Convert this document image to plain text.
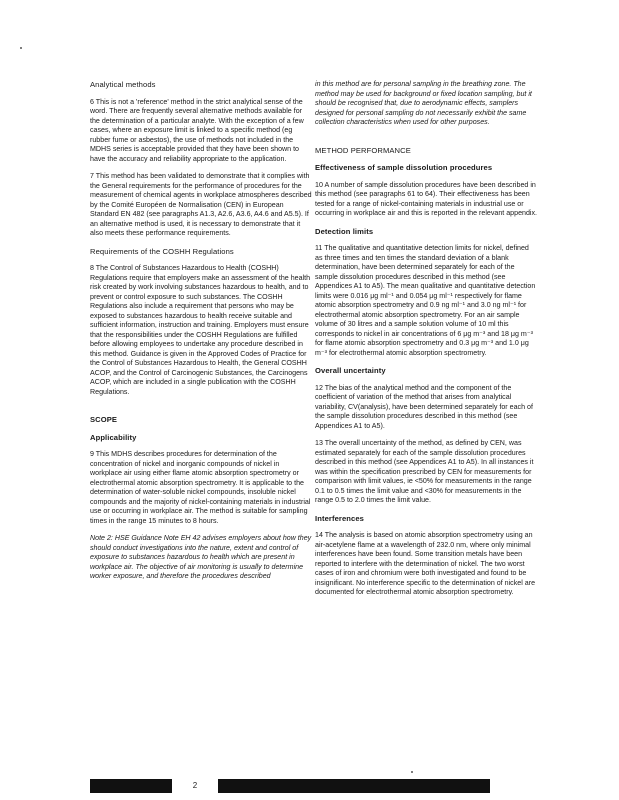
Analytical methods

6 This is not a 'reference' method in the strict analytical sense of the word. There are frequently several alternative methods available for the determination of a particular analyte. With the exception of a few cases, where an exposure limit is linked to a specific method (eg rubber fume or asbestos), the use of methods not included in the MDHS series is acceptable provided that they have been shown to have the accuracy and reliability appropriate to the application.

7 This method has been validated to demonstrate that it complies with the General requirements for the performance of procedures for the measurement of chemical agents in workplace atmospheres described by the Comité Européen de Normalisation (CEN) in European Standard EN 482 (see paragraphs A1.3, A2.6, A3.6, A4.6 and A5.5). If an alternative method is used, it is necessary to demonstrate that it also meets these performance requirements.

Requirements of the COSHH Regulations

8 The Control of Substances Hazardous to Health (COSHH) Regulations require that employers make an assessment of the health risk created by work involving substances hazardous to health, and to prevent or control exposure to such substances. The COSHH Regulations also include a requirement that persons who may be exposed to substances hazardous to health receive suitable and sufficient information, instruction and training. Employers must ensure that the responsibilities under the COSHH Regulations are fulfilled before allowing employees to undertake any procedure described in this method. Guidance is given in the Approved Codes of Practice for the Control of Substances Hazardous to Health, the General COSHH ACOP, and the Control of Carcinogenic Substances, the Carcinogens ACOP, which are included in a single publication with the COSHH Regulations.

SCOPE
Applicability

9 This MDHS describes procedures for determination of the concentration of nickel and inorganic compounds of nickel in workplace air using either flame atomic absorption spectrometry or electrothermal atomic absorption spectrometry. It is applicable to the determination of water-soluble nickel compounds, insoluble nickel compounds and the majority of nickel-containing materials in industrial use or occurring in workplace air. The method is suitable for sampling times in the range 15 minutes to 8 hours.

Note 2: HSE Guidance Note EH 42 advises employers about how they should conduct investigations into the nature, extent and control of exposure to substances hazardous to health which are present in workplace air. The objective of air monitoring is usually to determine worker exposure, and therefore the procedures described

in this method are for personal sampling in the breathing zone. The method may be used for background or fixed location sampling, but it should be recognised that, due to aerodynamic effects, samplers designed for personal sampling do not necessarily exhibit the same collection characteristics when used for other purposes.

METHOD PERFORMANCE
Effectiveness of sample dissolution procedures

10 A number of sample dissolution procedures have been described in this method (see paragraphs 61 to 64). Their effectiveness has been tested for a range of nickel-containing materials in industrial use or occurring in workplace air and this is reported in the relevant appendix.

Detection limits

11 The qualitative and quantitative detection limits for nickel, defined as three times and ten times the standard deviation of a blank determination, have been determined separately for each of the sample dissolution procedures described in this method (see Appendices A1 to A5). The mean qualitative and quantitative detection limits were 0.016 μg ml⁻¹ and 0.054 μg ml⁻¹ respectively for flame atomic absorption spectrometry and 0.9 ng ml⁻¹ and 3.0 ng ml⁻¹ for electrothermal atomic absorption spectrometry. For an air sample volume of 30 litres and a sample solution volume of 10 ml this corresponds to nickel in air concentrations of 6 μg m⁻³ and 18 μg m⁻³ for flame atomic absorption spectrometry and 0.3 μg m⁻³ and 1.0 μg m⁻³ for electrothermal atomic absorption spectrometry.

Overall uncertainty

12 The bias of the analytical method and the component of the coefficient of variation of the method that arises from analytical variability, CV(analysis), have been determined separately for each of the sample dissolution procedures described in this method (see Appendices A1 to A5).

13 The overall uncertainty of the method, as defined by CEN, was estimated separately for each of the sample dissolution procedures described in this method (see Appendices A1 to A5). In all instances it was within the specification prescribed by CEN for measurements for comparison with limit values, ie <50% for measurements in the range 0.1 to 0.5 times the limit value and <30% for measurements in the range 0.5 to 2.0 times the limit value.

Interferences

14 The analysis is based on atomic absorption spectrometry using an air-acetylene flame at a wavelength of 232.0 nm, where only minimal interferences have been found. Some transition metals have been reported to interfere with the determination of nickel. The two worst cases of iron and chromium were both investigated and found to be insignificant. No interference specific to the determination of nickel are documented for electrothermal atomic absorption spectrometry.

2
